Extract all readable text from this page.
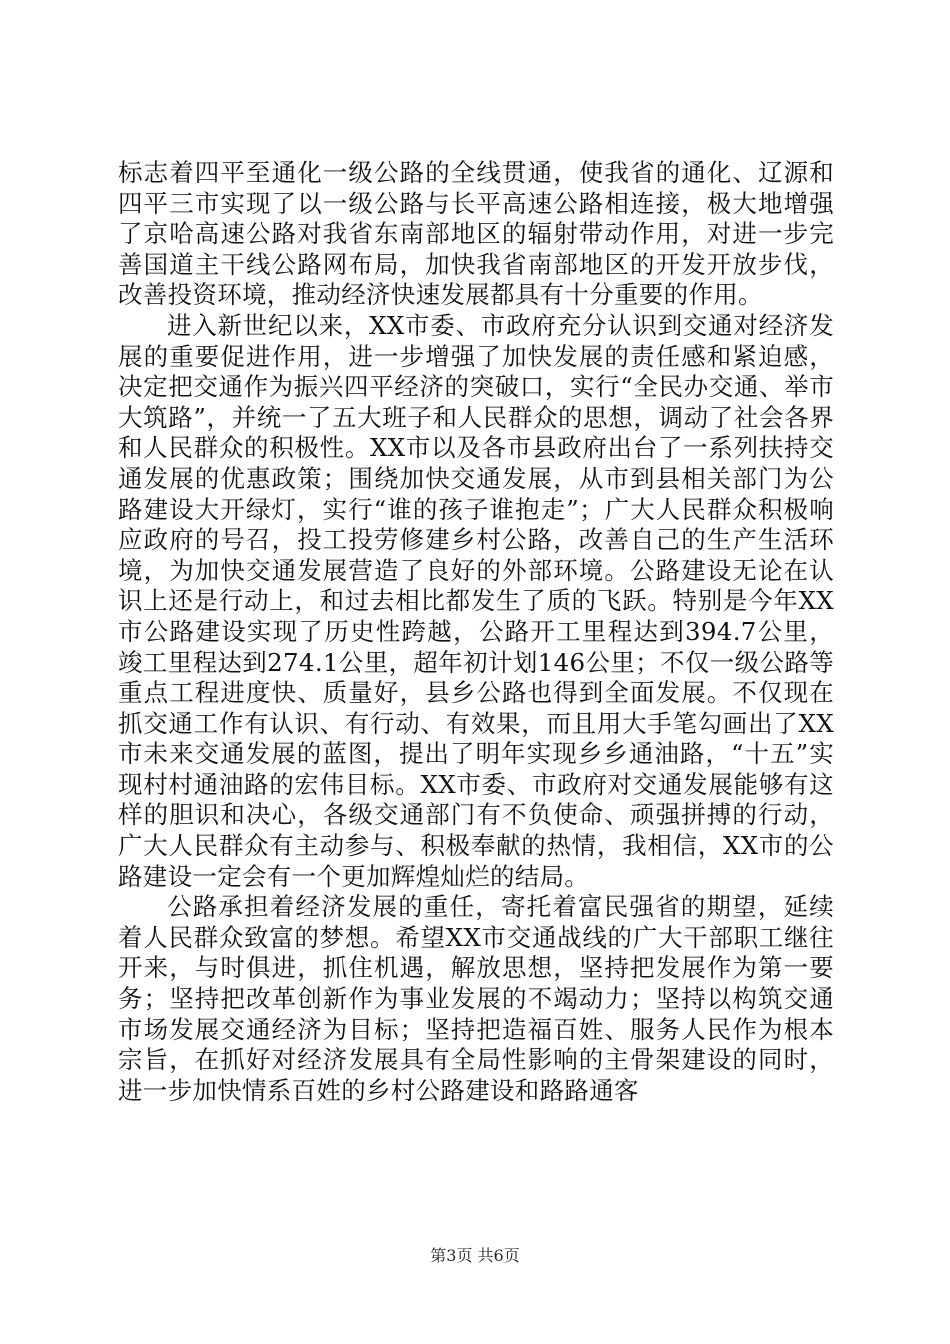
标志着四平至通化一级公路的全线贯通，使我省的通化、辽源和四平三市实现了以一级公路与长平高速公路相连接，极大地增强了京哈高速公路对我省东南部地区的辐射带动作用，对进一步完善国道主干线公路网布局，加快我省南部地区的开发开放步伐，改善投资环境，推动经济快速发展都具有十分重要的作用。

进入新世纪以来，XX市委、市政府充分认识到交通对经济发展的重要促进作用，进一步增强了加快发展的责任感和紧迫感，决定把交通作为振兴四平经济的突破口，实行“全民办交通、举市大筑路”，并统一了五大班子和人民群众的思想，调动了社会各界和人民群众的积极性。XX市以及各市县政府出台了一系列扶持交通发展的优惠政策；围绕加快交通发展，从市到县相关部门为公路建设大开绿灯，实行“谁的孩子谁抱走”；广大人民群众积极响应政府的号召，投工投劳修建乡村公路，改善自己的生产生活环境，为加快交通发展营造了良好的外部环境。公路建设无论在认识上还是行动上，和过去相比都发生了质的飞跃。特别是今年XX市公路建设实现了历史性跨越，公路开工里程达到394.7公里，竣工里程达到274.1公里，超年初计划146公里；不仅一级公路等重点工程进度快、质量好，县乡公路也得到全面发展。不仅现在抓交通工作有认识、有行动、有效果，而且用大手笔勾画出了XX市未来交通发展的蓝图，提出了明年实现乡乡通油路，“十五”实现村村通油路的宏伟目标。XX市委、市政府对交通发展能够有这样的胆识和决心，各级交通部门有不负使命、顽强拼搏的行动，广大人民群众有主动参与、积极奉献的热情，我相信，XX市的公路建设一定会有一个更加辉煌灿烂的结局。

公路承担着经济发展的重任，寄托着富民强省的期望，延续着人民群众致富的梦想。希望XX市交通战线的广大干部职工继往开来，与时俱进，抓住机遇，解放思想，坚持把发展作为第一要务；坚持把改革创新作为事业发展的不竭动力；坚持以构筑交通市场发展交通经济为目标；坚持把造福百姓、服务人民作为根本宗旨，在抓好对经济发展具有全局性影响的主骨架建设的同时，进一步加快情系百姓的乡村公路建设和路路通客

第3页 共6页
